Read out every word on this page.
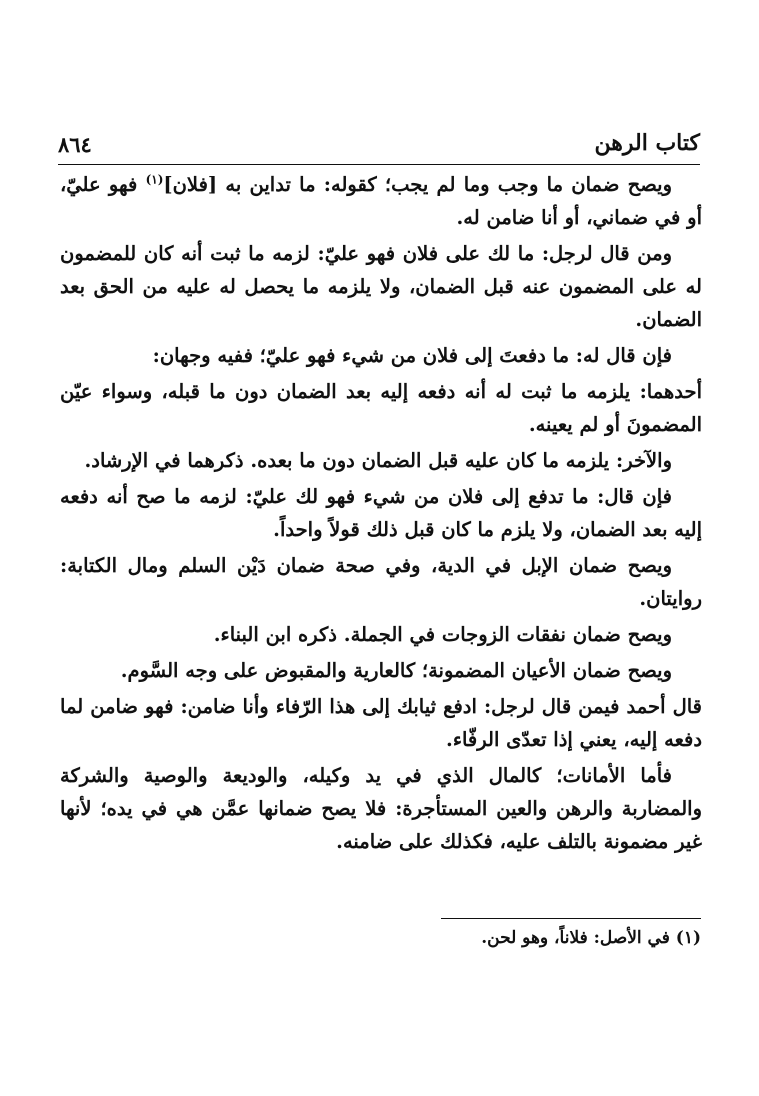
كتاب الرهن
٨٦٤

ويصح ضمان ما وجب وما لم يجب؛ كقوله: ما تداين به [فلان]$^{(١)}$ فهو عليّ، أو في ضماني، أو أنا ضامن له.

ومن قال لرجل: ما لك على فلان فهو عليّ: لزمه ما ثبت أنه كان للمضمون له على المضمون عنه قبل الضمان، ولا يلزمه ما يحصل له عليه من الحق بعد الضمان.

فإن قال له: ما دفعتَ إلى فلان من شيء فهو عليّ؛ ففيه وجهان:

أحدهما: يلزمه ما ثبت له أنه دفعه إليه بعد الضمان دون ما قبله، وسواء عيّن المضمونَ أو لم يعينه.

والآخر: يلزمه ما كان عليه قبل الضمان دون ما بعده. ذكرهما في الإرشاد.

فإن قال: ما تدفع إلى فلان من شيء فهو لك عليّ: لزمه ما صح أنه دفعه إليه بعد الضمان، ولا يلزم ما كان قبل ذلك قولاً واحداً.

ويصح ضمان الإبل في الدية، وفي صحة ضمان دَيْن السلم ومال الكتابة: روايتان.

ويصح ضمان نفقات الزوجات في الجملة. ذكره ابن البناء.

ويصح ضمان الأعيان المضمونة؛ كالعارية والمقبوض على وجه السَّوم.

قال أحمد فيمن قال لرجل: ادفع ثيابك إلى هذا الرّفاء وأنا ضامن: فهو ضامن لما دفعه إليه، يعني إذا تعدّى الرفّاء.

فأما الأمانات؛ كالمال الذي في يد وكيله، والوديعة والوصية والشركة والمضاربة والرهن والعين المستأجرة: فلا يصح ضمانها عمَّن هي في يده؛ لأنها غير مضمونة بالتلف عليه، فكذلك على ضامنه.

(١) في الأصل: فلاناً، وهو لحن.
